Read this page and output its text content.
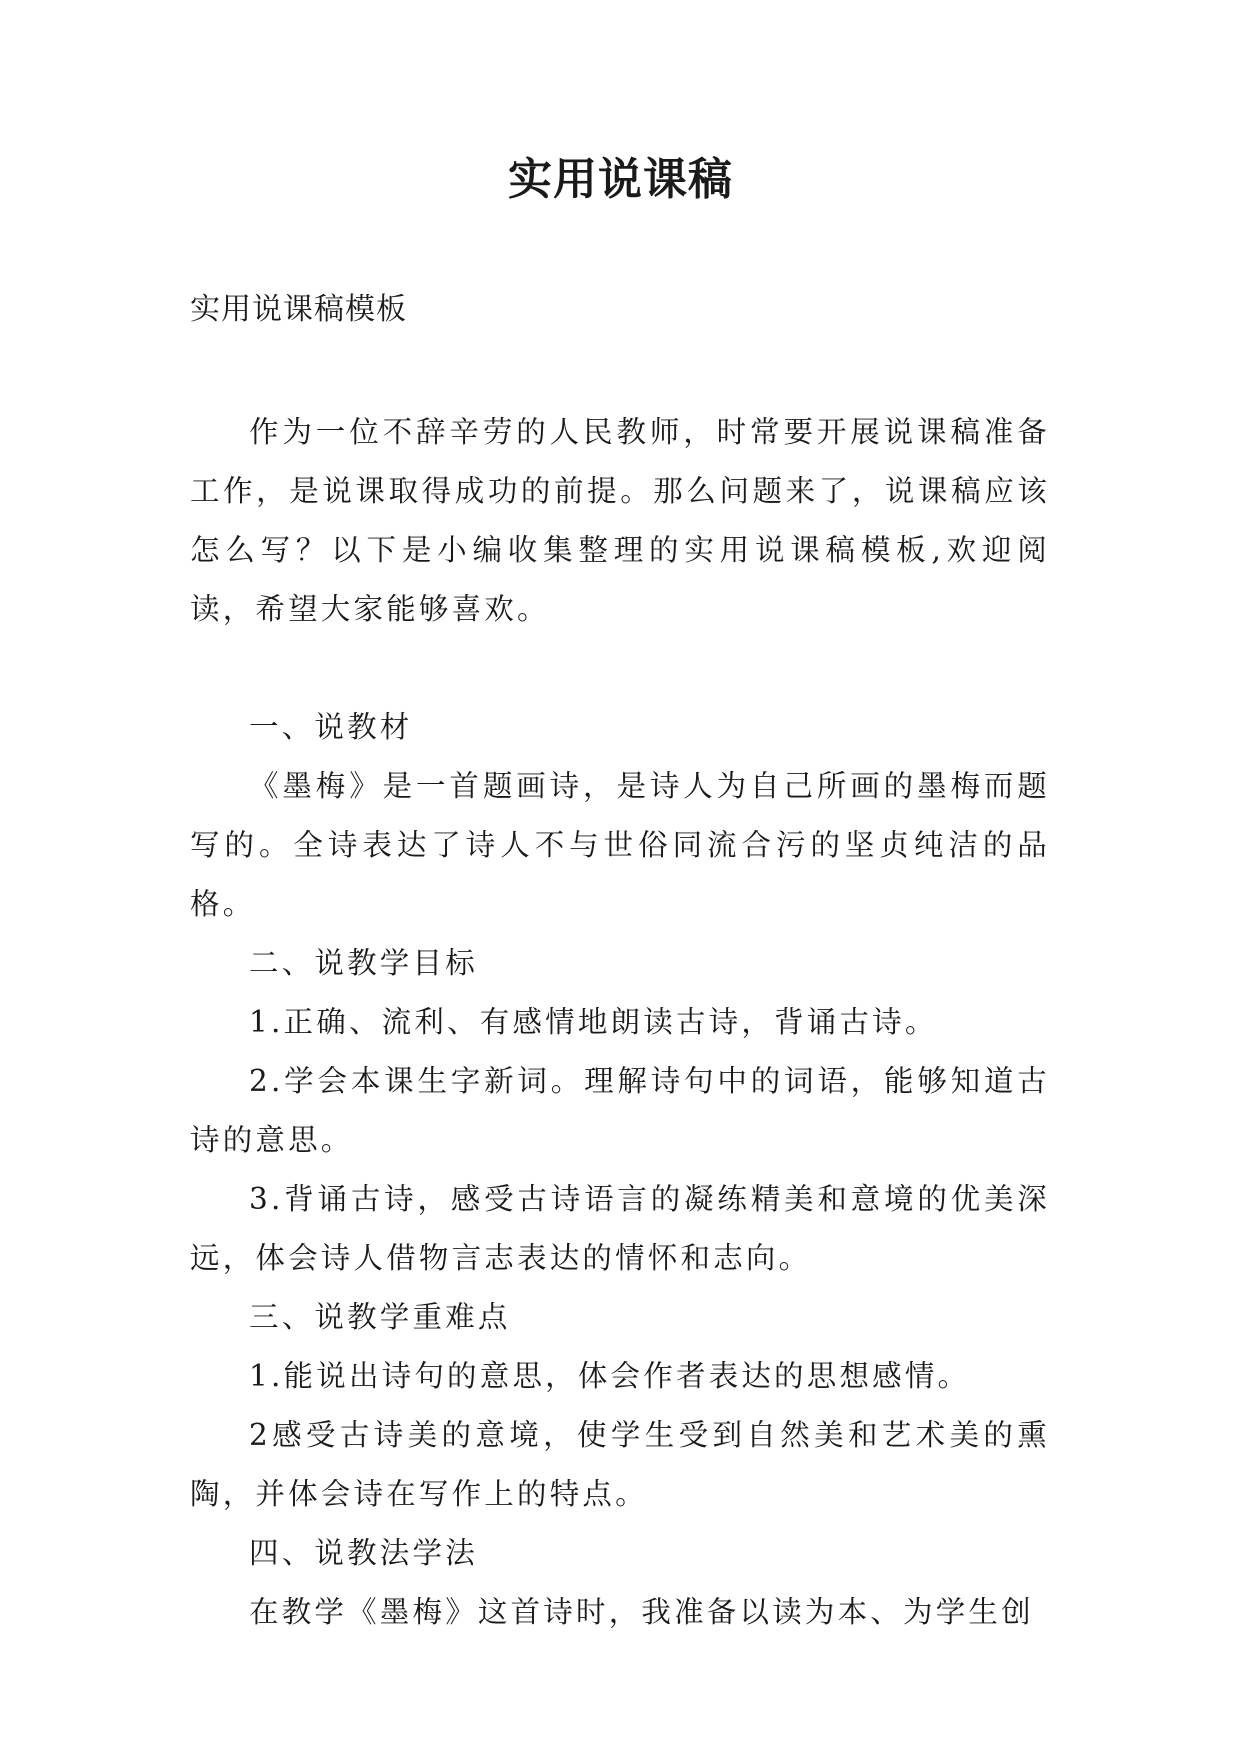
实用说课稿

实用说课稿模板

作为一位不辞辛劳的人民教师，时常要开展说课稿准备工作，是说课取得成功的前提。那么问题来了，说课稿应该怎么写？以下是小编收集整理的实用说课稿模板,欢迎阅读，希望大家能够喜欢。

一、说教材

《墨梅》是一首题画诗，是诗人为自己所画的墨梅而题写的。全诗表达了诗人不与世俗同流合污的坚贞纯洁的品格。

二、说教学目标

1.正确、流利、有感情地朗读古诗，背诵古诗。

2.学会本课生字新词。理解诗句中的词语，能够知道古诗的意思。

3.背诵古诗，感受古诗语言的凝练精美和意境的优美深远，体会诗人借物言志表达的情怀和志向。

三、说教学重难点

1.能说出诗句的意思，体会作者表达的思想感情。

2感受古诗美的意境，使学生受到自然美和艺术美的熏陶，并体会诗在写作上的特点。

四、说教法学法

在教学《墨梅》这首诗时，我准备以读为本、为学生创
